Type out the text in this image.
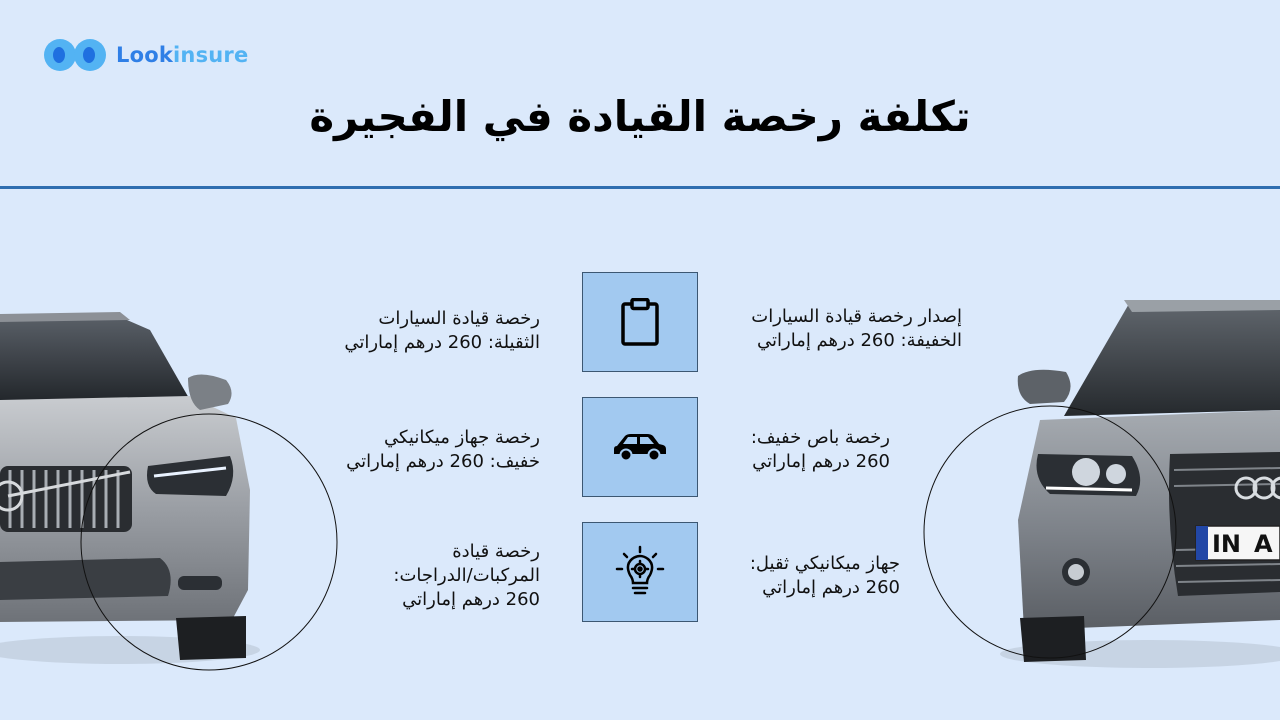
Lookinsure
تكلفة رخصة القيادة في الفجيرة
IN A
إصدار رخصة قيادة السيارات
الخفيفة: 260 درهم إماراتي
رخصة باص خفيف:
260 درهم إماراتي
جهاز ميكانيكي ثقيل:
260 درهم إماراتي
رخصة قيادة السيارات
الثقيلة: 260 درهم إماراتي
رخصة جهاز ميكانيكي
خفيف: 260 درهم إماراتي
رخصة قيادة
المركبات/الدراجات:
260 درهم إماراتي
